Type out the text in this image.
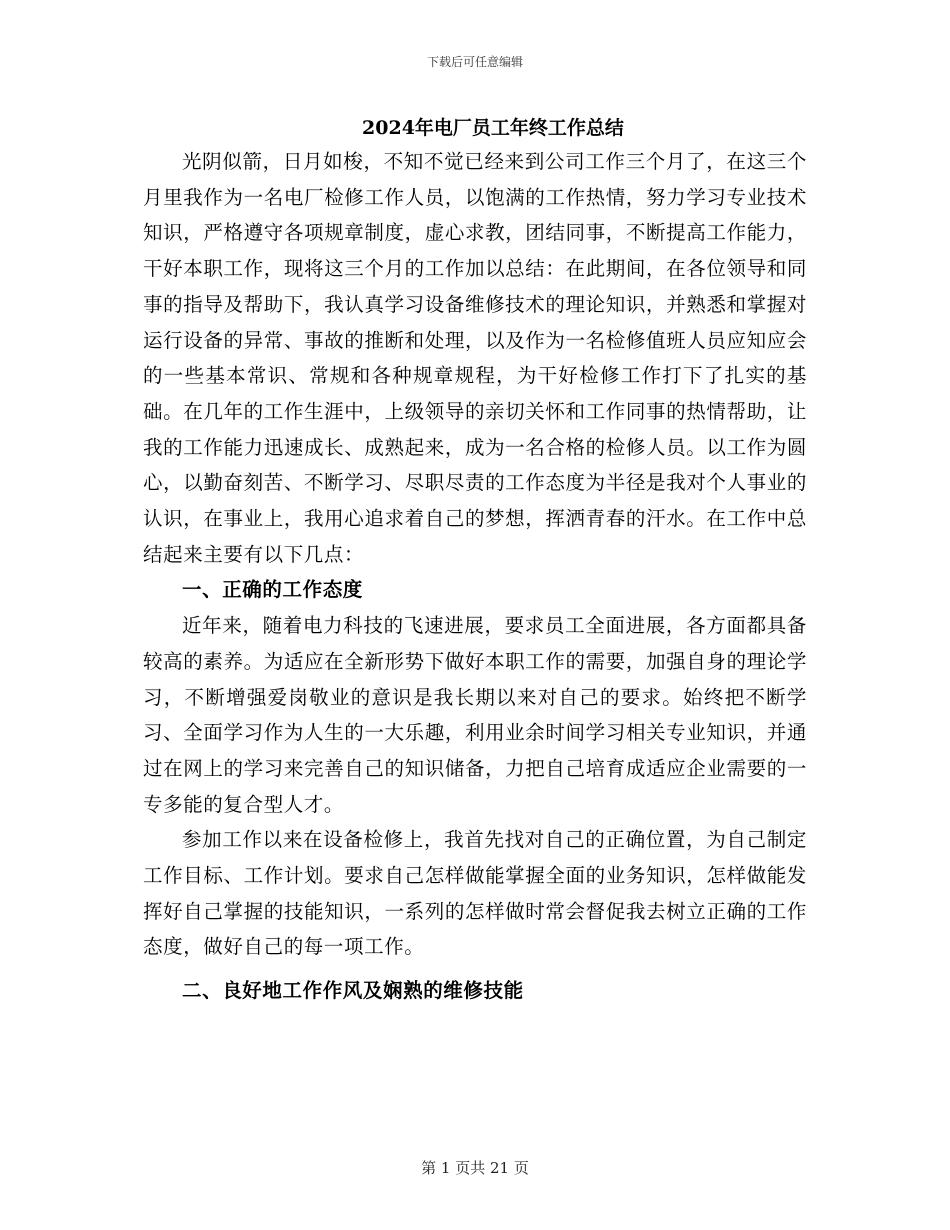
下载后可任意编辑
2024年电厂员工年终工作总结

光阴似箭，日月如梭，不知不觉已经来到公司工作三个月了，在这三个月里我作为一名电厂检修工作人员，以饱满的工作热情，努力学习专业技术知识，严格遵守各项规章制度，虚心求教，团结同事，不断提高工作能力，干好本职工作，现将这三个月的工作加以总结：在此期间，在各位领导和同事的指导及帮助下，我认真学习设备维修技术的理论知识，并熟悉和掌握对运行设备的异常、事故的推断和处理，以及作为一名检修值班人员应知应会的一些基本常识、常规和各种规章规程，为干好检修工作打下了扎实的基础。在几年的工作生涯中，上级领导的亲切关怀和工作同事的热情帮助，让我的工作能力迅速成长、成熟起来，成为一名合格的检修人员。以工作为圆心，以勤奋刻苦、不断学习、尽职尽责的工作态度为半径是我对个人事业的认识，在事业上，我用心追求着自己的梦想，挥洒青春的汗水。在工作中总结起来主要有以下几点：

一、正确的工作态度

近年来，随着电力科技的飞速进展，要求员工全面进展，各方面都具备较高的素养。为适应在全新形势下做好本职工作的需要，加强自身的理论学习，不断增强爱岗敬业的意识是我长期以来对自己的要求。始终把不断学习、全面学习作为人生的一大乐趣，利用业余时间学习相关专业知识，并通过在网上的学习来完善自己的知识储备，力把自己培育成适应企业需要的一专多能的复合型人才。

参加工作以来在设备检修上，我首先找对自己的正确位置，为自己制定工作目标、工作计划。要求自己怎样做能掌握全面的业务知识，怎样做能发挥好自己掌握的技能知识，一系列的怎样做时常会督促我去树立正确的工作态度，做好自己的每一项工作。

二、良好地工作作风及娴熟的维修技能

第 1 页共 21 页
